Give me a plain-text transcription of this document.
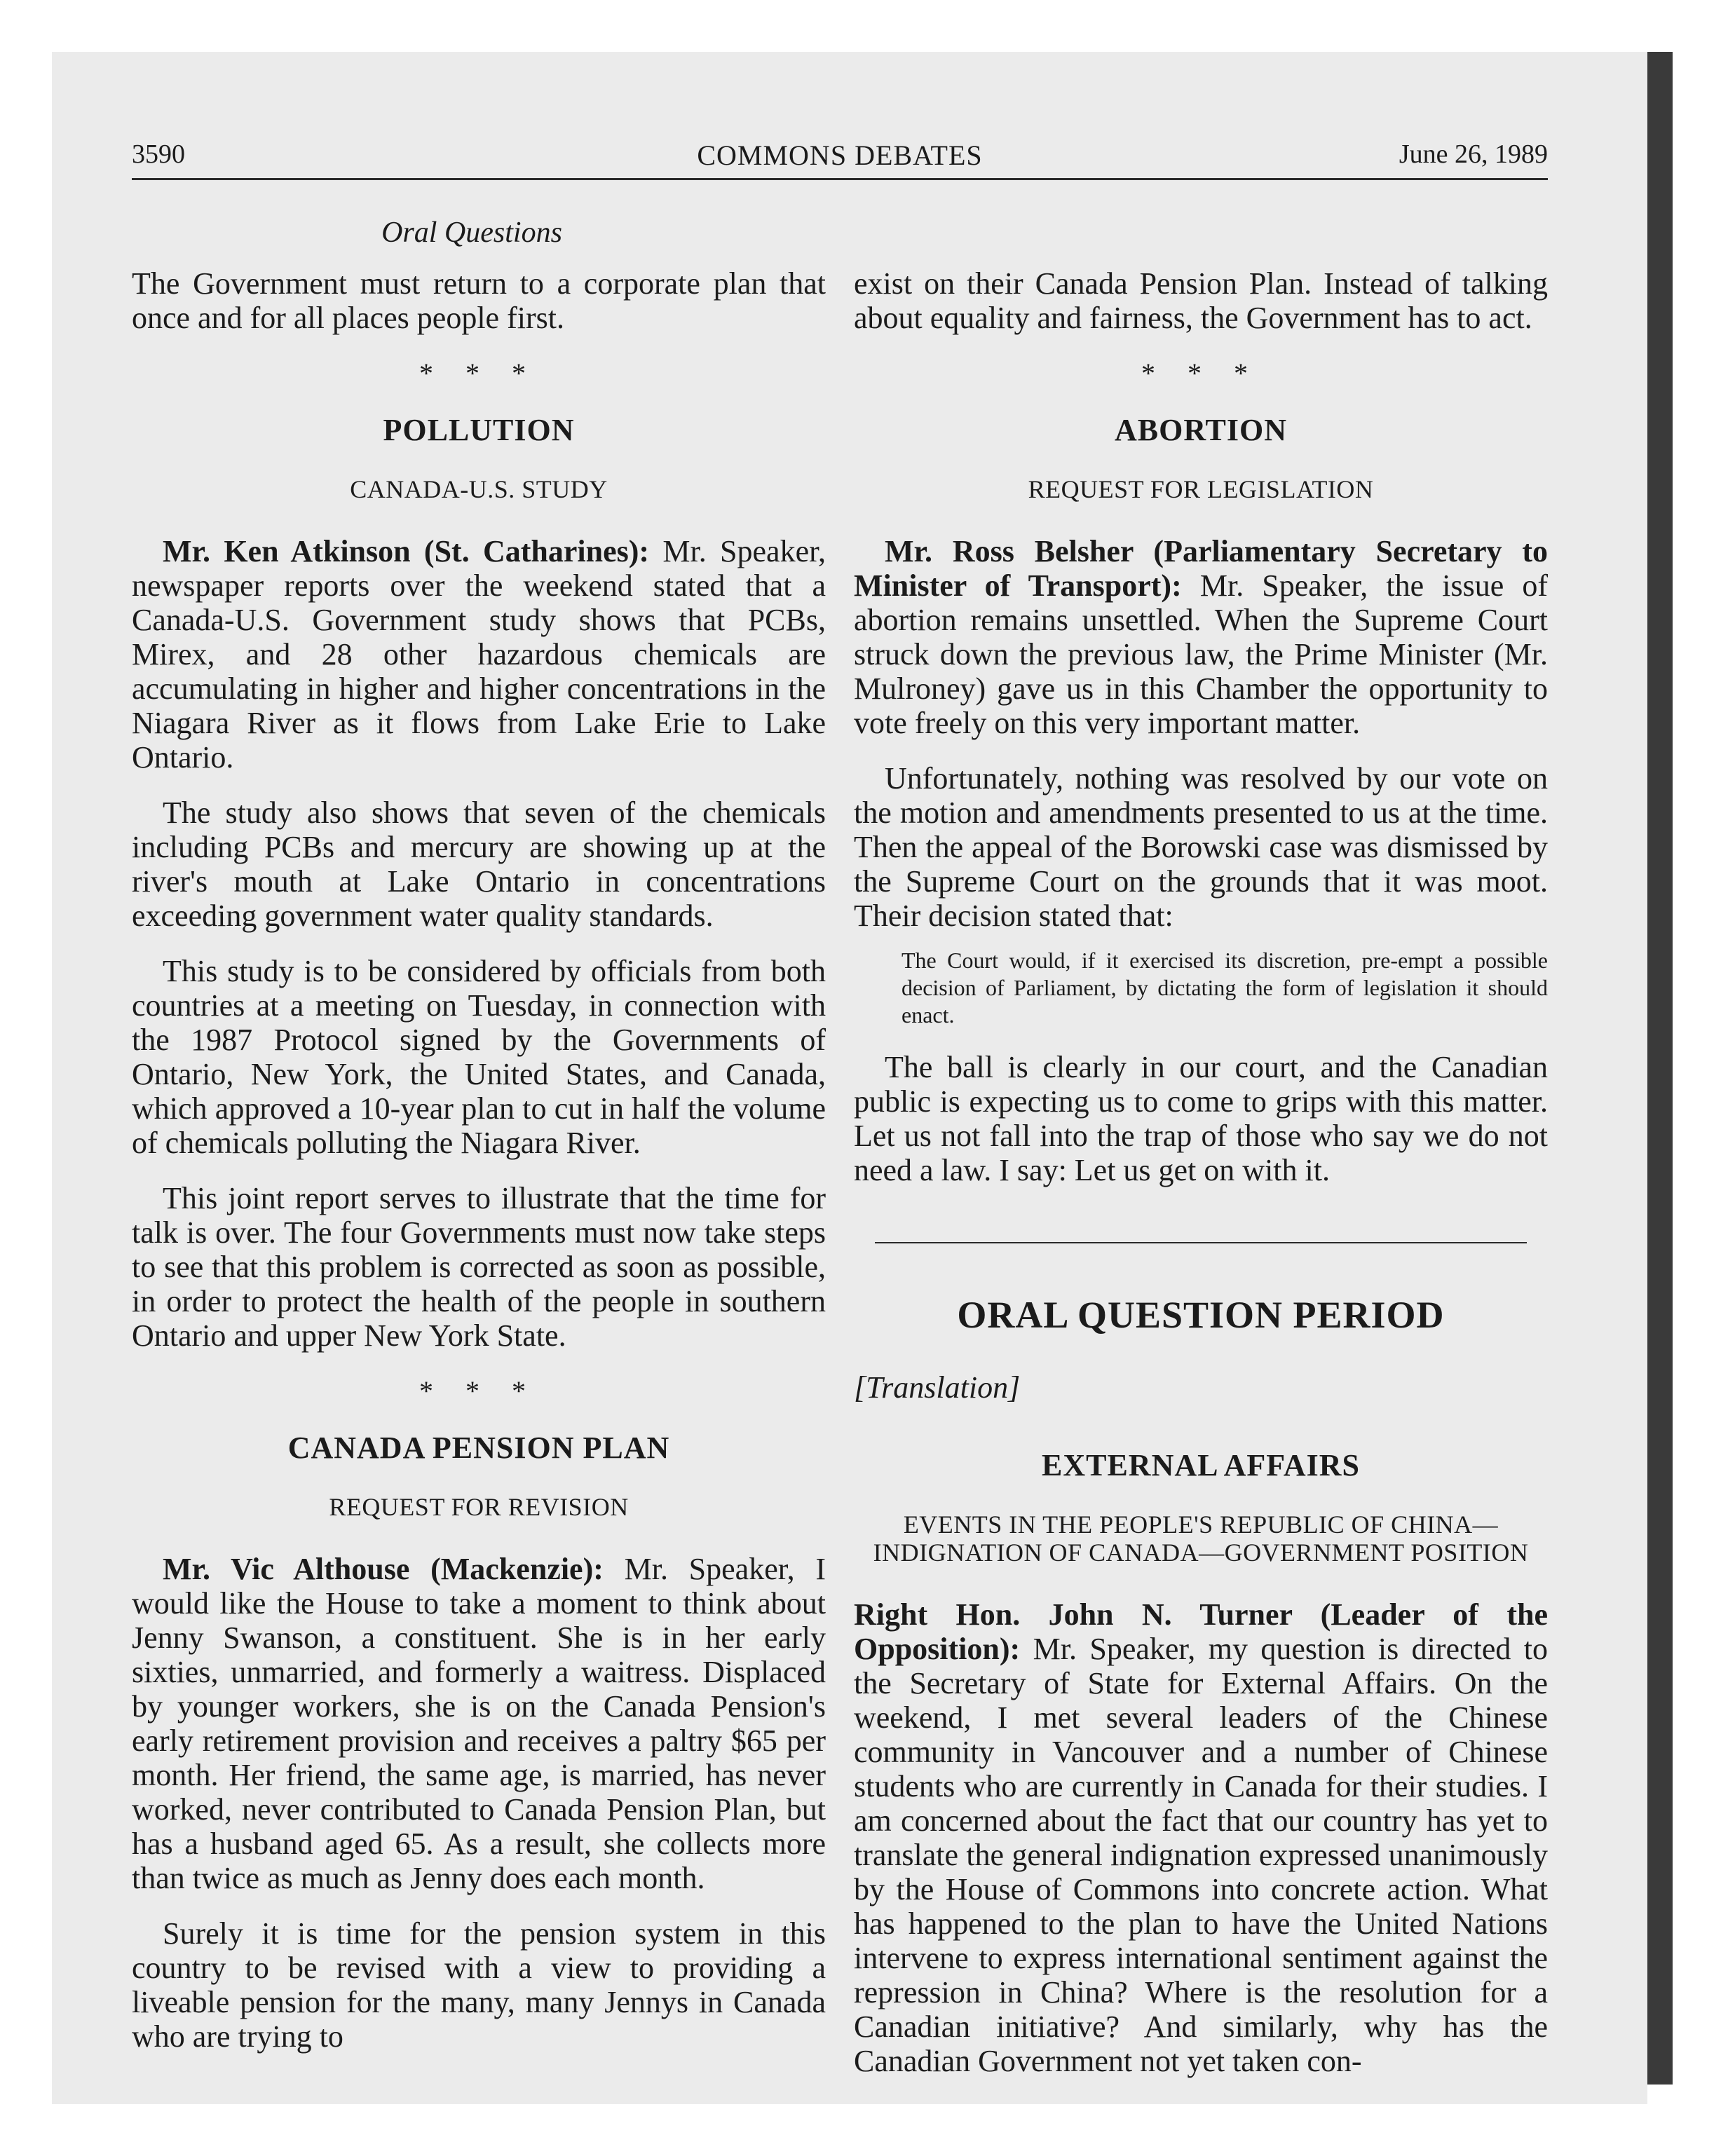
3590	COMMONS DEBATES	June 26, 1989
Oral Questions

The Government must return to a corporate plan that once and for all places people first.

* * *
POLLUTION
CANADA-U.S. STUDY

Mr. Ken Atkinson (St. Catharines): Mr. Speaker, newspaper reports over the weekend stated that a Canada-U.S. Government study shows that PCBs, Mirex, and 28 other hazardous chemicals are accumulating in higher and higher concentrations in the Niagara River as it flows from Lake Erie to Lake Ontario.

The study also shows that seven of the chemicals including PCBs and mercury are showing up at the river's mouth at Lake Ontario in concentrations exceeding government water quality standards.

This study is to be considered by officials from both countries at a meeting on Tuesday, in connection with the 1987 Protocol signed by the Governments of Ontario, New York, the United States, and Canada, which approved a 10-year plan to cut in half the volume of chemicals polluting the Niagara River.

This joint report serves to illustrate that the time for talk is over. The four Governments must now take steps to see that this problem is corrected as soon as possible, in order to protect the health of the people in southern Ontario and upper New York State.

* * *
CANADA PENSION PLAN
REQUEST FOR REVISION

Mr. Vic Althouse (Mackenzie): Mr. Speaker, I would like the House to take a moment to think about Jenny Swanson, a constituent. She is in her early sixties, unmarried, and formerly a waitress. Displaced by younger workers, she is on the Canada Pension's early retirement provision and receives a paltry $65 per month. Her friend, the same age, is married, has never worked, never contributed to Canada Pension Plan, but has a husband aged 65. As a result, she collects more than twice as much as Jenny does each month.

Surely it is time for the pension system in this country to be revised with a view to providing a liveable pension for the many, many Jennys in Canada who are trying to

exist on their Canada Pension Plan. Instead of talking about equality and fairness, the Government has to act.

* * *
ABORTION
REQUEST FOR LEGISLATION

Mr. Ross Belsher (Parliamentary Secretary to Minister of Transport): Mr. Speaker, the issue of abortion remains unsettled. When the Supreme Court struck down the previous law, the Prime Minister (Mr. Mulroney) gave us in this Chamber the opportunity to vote freely on this very important matter.

Unfortunately, nothing was resolved by our vote on the motion and amendments presented to us at the time. Then the appeal of the Borowski case was dismissed by the Supreme Court on the grounds that it was moot. Their decision stated that:

The Court would, if it exercised its discretion, pre-empt a possible decision of Parliament, by dictating the form of legislation it should enact.

The ball is clearly in our court, and the Canadian public is expecting us to come to grips with this matter. Let us not fall into the trap of those who say we do not need a law. I say: Let us get on with it.

ORAL QUESTION PERIOD
[Translation]
EXTERNAL AFFAIRS
EVENTS IN THE PEOPLE'S REPUBLIC OF CHINA—INDIGNATION OF CANADA—GOVERNMENT POSITION

Right Hon. John N. Turner (Leader of the Opposition): Mr. Speaker, my question is directed to the Secretary of State for External Affairs. On the weekend, I met several leaders of the Chinese community in Vancouver and a number of Chinese students who are currently in Canada for their studies. I am concerned about the fact that our country has yet to translate the general indignation expressed unanimously by the House of Commons into concrete action. What has happened to the plan to have the United Nations intervene to express international sentiment against the repression in China? Where is the resolution for a Canadian initiative? And similarly, why has the Canadian Government not yet taken con-
